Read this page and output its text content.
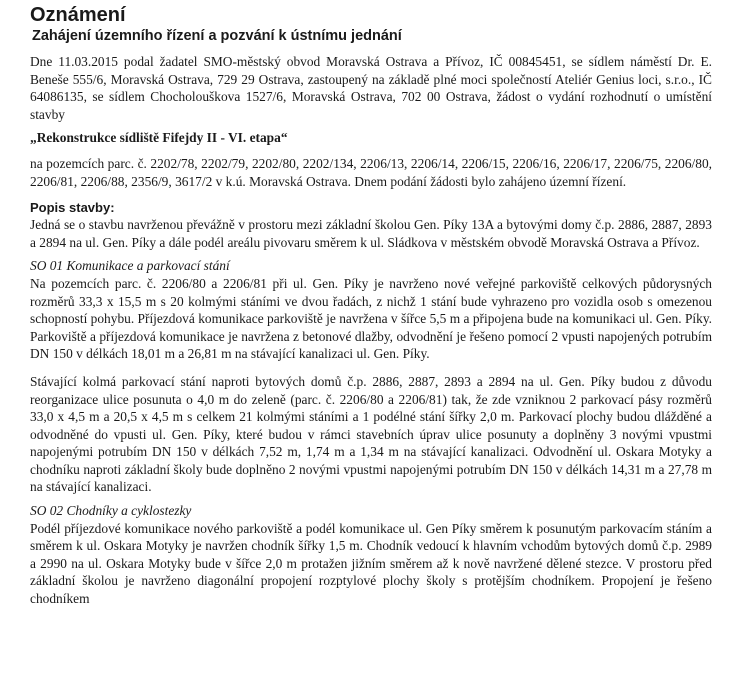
Oznámení
Zahájení územního řízení a pozvání k ústnímu jednání

Dne 11.03.2015 podal žadatel SMO-městský obvod Moravská Ostrava a Přívoz, IČ 00845451, se sídlem náměstí Dr. E. Beneše 555/6, Moravská Ostrava, 729 29 Ostrava, zastoupený na základě plné moci společností Ateliér Genius loci, s.r.o., IČ 64086135, se sídlem Chocholouškova 1527/6, Moravská Ostrava, 702 00 Ostrava, žádost o vydání rozhodnutí o umístění stavby

„Rekonstrukce sídliště Fifejdy II - VI. etapa“

na pozemcích parc. č. 2202/78, 2202/79, 2202/80, 2202/134, 2206/13, 2206/14, 2206/15, 2206/16, 2206/17, 2206/75, 2206/80, 2206/81, 2206/88, 2356/9, 3617/2 v k.ú. Moravská Ostrava. Dnem podání žádosti bylo zahájeno územní řízení.

Popis stavby:

Jedná se o stavbu navrženou převážně v prostoru mezi základní školou Gen. Píky 13A a bytovými domy č.p. 2886, 2887, 2893 a 2894 na ul. Gen. Píky a dále podél areálu pivovaru směrem k ul. Sládkova v městském obvodě Moravská Ostrava a Přívoz.

SO 01 Komunikace a parkovací stání

Na pozemcích parc. č. 2206/80 a 2206/81 při ul. Gen. Píky je navrženo nové veřejné parkoviště celkových půdorysných rozměrů 33,3 x 15,5 m s 20 kolmými stáními ve dvou řadách, z nichž 1 stání bude vyhrazeno pro vozidla osob s omezenou schopností pohybu. Příjezdová komunikace parkoviště je navržena v šířce 5,5 m a připojena bude na komunikaci ul. Gen. Píky. Parkoviště a příjezdová komunikace je navržena z betonové dlažby, odvodnění je řešeno pomocí 2 vpusti napojených potrubím DN 150 v délkách 18,01 m a 26,81 m na stávající kanalizaci ul. Gen. Píky.

Stávající kolmá parkovací stání naproti bytových domů č.p. 2886, 2887, 2893 a 2894 na ul. Gen. Píky budou z důvodu reorganizace ulice posunuta o 4,0 m do zeleně (parc. č. 2206/80 a 2206/81) tak, že zde vzniknou 2 parkovací pásy rozměrů 33,0 x 4,5 m a 20,5 x 4,5 m s celkem 21 kolmými stáními a 1 podélné stání šířky 2,0 m. Parkovací plochy budou dlážděné a odvodněné do vpusti ul. Gen. Píky, které budou v rámci stavebních úprav ulice posunuty a doplněny 3 novými vpustmi napojenými potrubím DN 150 v délkách 7,52 m, 1,74 m a 1,34 m na stávající kanalizaci. Odvodnění ul. Oskara Motyky a chodníku naproti základní školy bude doplněno 2 novými vpustmi napojenými potrubím DN 150 v délkách 14,31 m a 27,78 m na stávající kanalizaci.

SO 02 Chodníky a cyklostezky

Podél příjezdové komunikace nového parkoviště a podél komunikace ul. Gen Píky směrem k posunutým parkovacím stáním a směrem k ul. Oskara Motyky je navržen chodník šířky 1,5 m. Chodník vedoucí k hlavním vchodům bytových domů č.p. 2989 a 2990 na ul. Oskara Motyky bude v šířce 2,0 m protažen jižním směrem až k nově navržené dělené stezce. V prostoru před základní školou je navrženo diagonální propojení rozptylové plochy školy s protějším chodníkem. Propojení je řešeno chodníkem
